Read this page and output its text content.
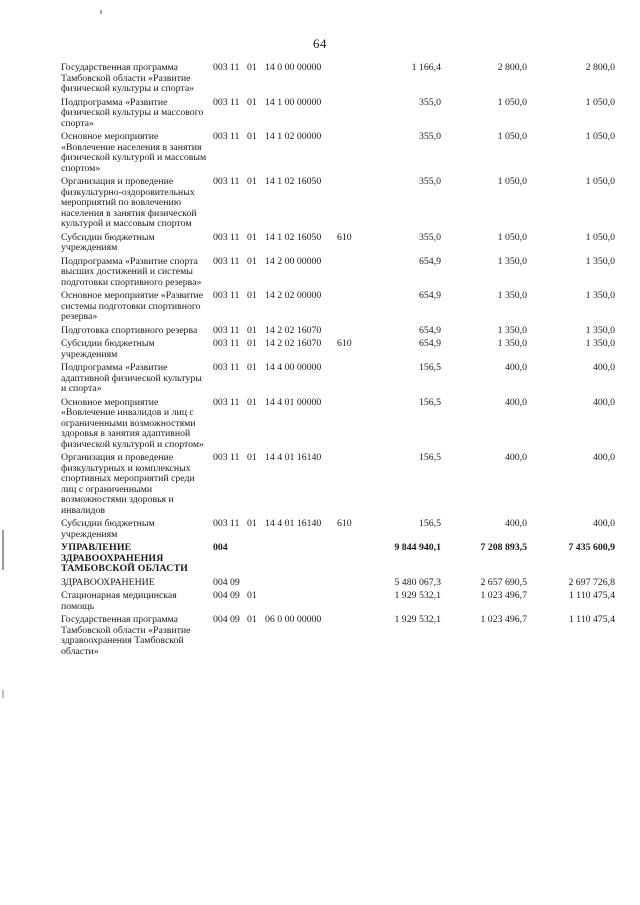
64
Государственная программа Тамбовской области «Развитие физической культуры и спорта»	003	11	01	14 0 00 00000		1 166,4	2 800,0	2 800,0
Подпрограмма «Развитие физической культуры и массового спорта»	003	11	01	14 1 00 00000		355,0	1 050,0	1 050,0
Основное мероприятие «Вовлечение населения в занятия физической культурой и массовым спортом»	003	11	01	14 1 02 00000		355,0	1 050,0	1 050,0
Организация и проведение физкультурно-оздоровительных мероприятий по вовлечению населения в занятия физической культурой и массовым спортом	003	11	01	14 1 02 16050		355,0	1 050,0	1 050,0
Субсидии бюджетным учреждениям	003	11	01	14 1 02 16050	610	355,0	1 050,0	1 050,0
Подпрограмма «Развитие спорта высших достижений и системы подготовки спортивного резерва»	003	11	01	14 2 00 00000		654,9	1 350,0	1 350,0
Основное мероприятие «Развитие системы подготовки спортивного резерва»	003	11	01	14 2 02 00000		654,9	1 350,0	1 350,0
Подготовка спортивного резерва	003	11	01	14 2 02 16070		654,9	1 350,0	1 350,0
Субсидии бюджетным учреждениям	003	11	01	14 2 02 16070	610	654,9	1 350,0	1 350,0
Подпрограмма «Развитие адаптивной физической культуры и спорта»	003	11	01	14 4 00 00000		156,5	400,0	400,0
Основное мероприятие «Вовлечение инвалидов и лиц с ограниченными возможностями здоровья в занятия адаптивной физической культурой и спортом»	003	11	01	14 4 01 00000		156,5	400,0	400,0
Организация и проведение физкультурных и комплексных спортивных мероприятий среди лиц с ограниченными возможностями здоровья и инвалидов	003	11	01	14 4 01 16140		156,5	400,0	400,0
Субсидии бюджетным учреждениям	003	11	01	14 4 01 16140	610	156,5	400,0	400,0
УПРАВЛЕНИЕ ЗДРАВООХРАНЕНИЯ ТАМБОВСКОЙ ОБЛАСТИ	004					9 844 940,1	7 208 893,5	7 435 600,9
ЗДРАВООХРАНЕНИЕ	004	09				5 480 067,3	2 657 690,5	2 697 726,8
Стационарная медицинская помощь	004	09	01			1 929 532,1	1 023 496,7	1 110 475,4
Государственная программа Тамбовской области «Развитие здравоохранения Тамбовской области»	004	09	01	06 0 00 00000		1 929 532,1	1 023 496,7	1 110 475,4
